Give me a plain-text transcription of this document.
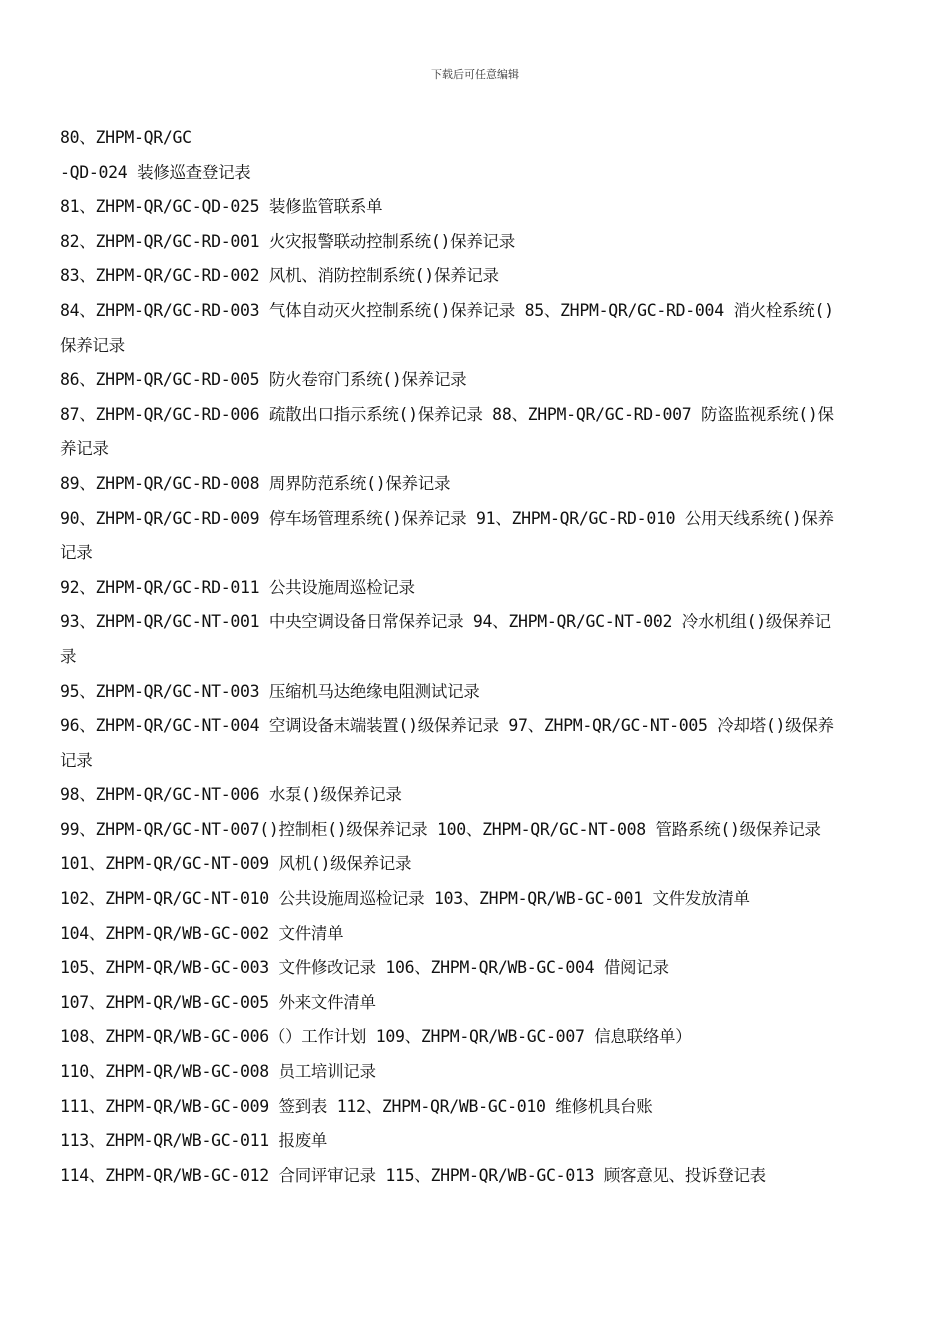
下载后可任意编辑
80、ZHPM-QR/GC
-QD-024 装修巡查登记表
81、ZHPM-QR/GC-QD-025 装修监管联系单
82、ZHPM-QR/GC-RD-001 火灾报警联动控制系统()保养记录
83、ZHPM-QR/GC-RD-002 风机、消防控制系统()保养记录
84、ZHPM-QR/GC-RD-003 气体自动灭火控制系统()保养记录 85、ZHPM-QR/GC-RD-004 消火栓系统()
保养记录
86、ZHPM-QR/GC-RD-005 防火卷帘门系统()保养记录
87、ZHPM-QR/GC-RD-006 疏散出口指示系统()保养记录 88、ZHPM-QR/GC-RD-007 防盗监视系统()保
养记录
89、ZHPM-QR/GC-RD-008 周界防范系统()保养记录
90、ZHPM-QR/GC-RD-009 停车场管理系统()保养记录 91、ZHPM-QR/GC-RD-010 公用天线系统()保养
记录
92、ZHPM-QR/GC-RD-011 公共设施周巡检记录
93、ZHPM-QR/GC-NT-001 中央空调设备日常保养记录 94、ZHPM-QR/GC-NT-002 冷水机组()级保养记
录
95、ZHPM-QR/GC-NT-003 压缩机马达绝缘电阻测试记录
96、ZHPM-QR/GC-NT-004 空调设备末端装置()级保养记录 97、ZHPM-QR/GC-NT-005 冷却塔()级保养
记录
98、ZHPM-QR/GC-NT-006 水泵()级保养记录
99、ZHPM-QR/GC-NT-007()控制柜()级保养记录 100、ZHPM-QR/GC-NT-008 管路系统()级保养记录
101、ZHPM-QR/GC-NT-009 风机()级保养记录
102、ZHPM-QR/GC-NT-010 公共设施周巡检记录 103、ZHPM-QR/WB-GC-001 文件发放清单
104、ZHPM-QR/WB-GC-002 文件清单
105、ZHPM-QR/WB-GC-003 文件修改记录 106、ZHPM-QR/WB-GC-004 借阅记录
107、ZHPM-QR/WB-GC-005 外来文件清单
108、ZHPM-QR/WB-GC-006（）工作计划 109、ZHPM-QR/WB-GC-007 信息联络单）
110、ZHPM-QR/WB-GC-008 员工培训记录
111、ZHPM-QR/WB-GC-009 签到表 112、ZHPM-QR/WB-GC-010 维修机具台账
113、ZHPM-QR/WB-GC-011 报废单
114、ZHPM-QR/WB-GC-012 合同评审记录 115、ZHPM-QR/WB-GC-013 顾客意见、投诉登记表
